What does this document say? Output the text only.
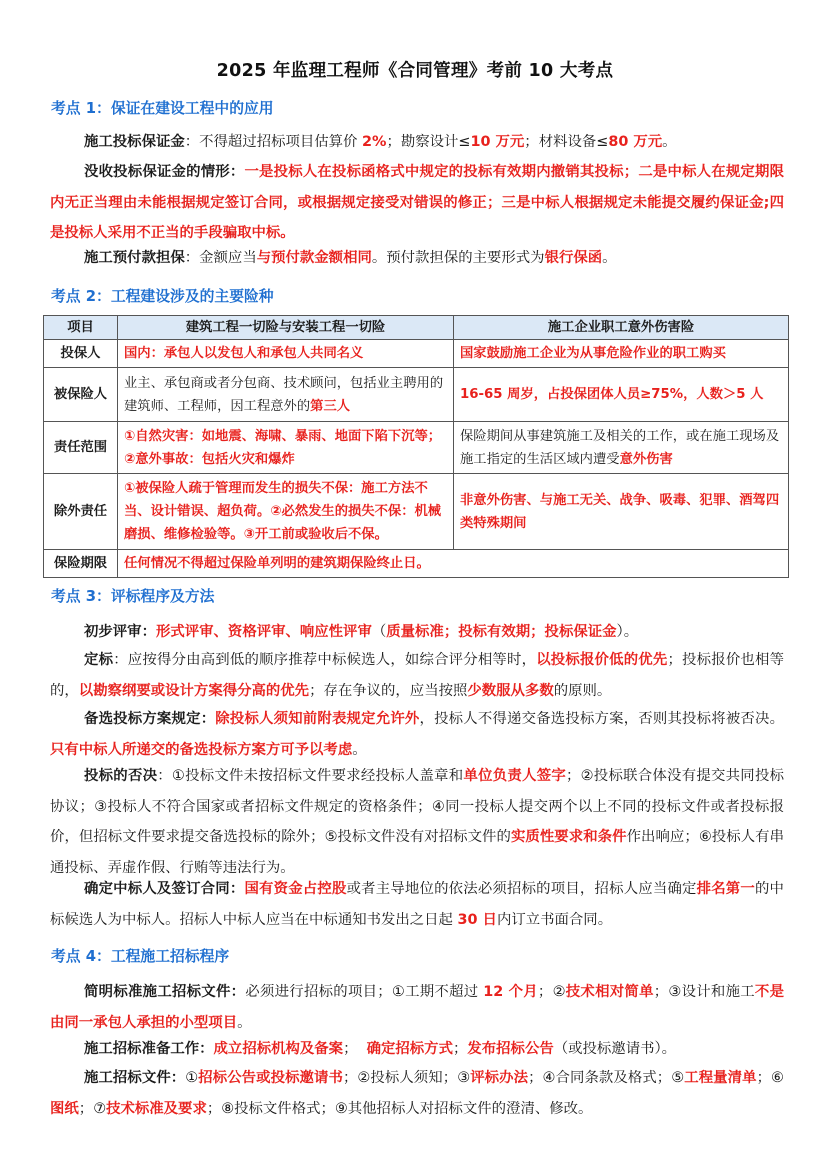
2025 年监理工程师《合同管理》考前 10 大考点
考点 1：保证在建设工程中的应用
施工投标保证金：不得超过招标项目估算价 2%；勘察设计≤10 万元；材料设备≤80 万元。
没收投标保证金的情形：一是投标人在投标函格式中规定的投标有效期内撤销其投标；二是中标人在规定期限内无正当理由未能根据规定签订合同，或根据规定接受对错误的修正；三是中标人根据规定未能提交履约保证金;四是投标人采用不正当的手段骗取中标。
施工预付款担保：金额应当与预付款金额相同。预付款担保的主要形式为银行保函。
考点 2：工程建设涉及的主要险种
项目	建筑工程一切险与安装工程一切险	施工企业职工意外伤害险
投保人	国内：承包人以发包人和承包人共同名义	国家鼓励施工企业为从事危险作业的职工购买
被保险人	业主、承包商或者分包商、技术顾问，包括业主聘用的建筑师、工程师，因工程意外的第三人	16-65 周岁，占投保团体人员≥75%，人数＞5 人
责任范围	①自然灾害：如地震、海啸、暴雨、地面下陷下沉等；②意外事故：包括火灾和爆炸	保险期间从事建筑施工及相关的工作，或在施工现场及施工指定的生活区域内遭受意外伤害
除外责任	①被保险人疏于管理而发生的损失不保：施工方法不当、设计错误、超负荷。②必然发生的损失不保：机械磨损、维修检验等。③开工前或验收后不保。	非意外伤害、与施工无关、战争、吸毒、犯罪、酒驾四类特殊期间
保险期限	任何情况不得超过保险单列明的建筑期保险终止日。	
考点 3：评标程序及方法
初步评审：形式评审、资格评审、响应性评审（质量标准；投标有效期；投标保证金）。
定标：应按得分由高到低的顺序推荐中标候选人，如综合评分相等时，以投标报价低的优先；投标报价也相等的，以勘察纲要或设计方案得分高的优先；存在争议的，应当按照少数服从多数的原则。
备选投标方案规定：除投标人须知前附表规定允许外，投标人不得递交备选投标方案，否则其投标将被否决。只有中标人所递交的备选投标方案方可予以考虑。
投标的否决：①投标文件未按招标文件要求经投标人盖章和单位负责人签字；②投标联合体没有提交共同投标协议；③投标人不符合国家或者招标文件规定的资格条件；④同一投标人提交两个以上不同的投标文件或者投标报价，但招标文件要求提交备选投标的除外；⑤投标文件没有对招标文件的实质性要求和条件作出响应；⑥投标人有串通投标、弄虚作假、行贿等违法行为。
确定中标人及签订合同：国有资金占控股或者主导地位的依法必须招标的项目，招标人应当确定排名第一的中标候选人为中标人。招标人中标人应当在中标通知书发出之日起 30 日内订立书面合同。
考点 4：工程施工招标程序
简明标准施工招标文件：必须进行招标的项目；①工期不超过 12 个月；②技术相对简单；③设计和施工不是由同一承包人承担的小型项目。
施工招标准备工作：成立招标机构及备案；  确定招标方式；发布招标公告（或投标邀请书）。
施工招标文件：①招标公告或投标邀请书；②投标人须知；③评标办法；④合同条款及格式；⑤工程量清单；⑥图纸；⑦技术标准及要求；⑧投标文件格式；⑨其他招标人对招标文件的澄清、修改。
